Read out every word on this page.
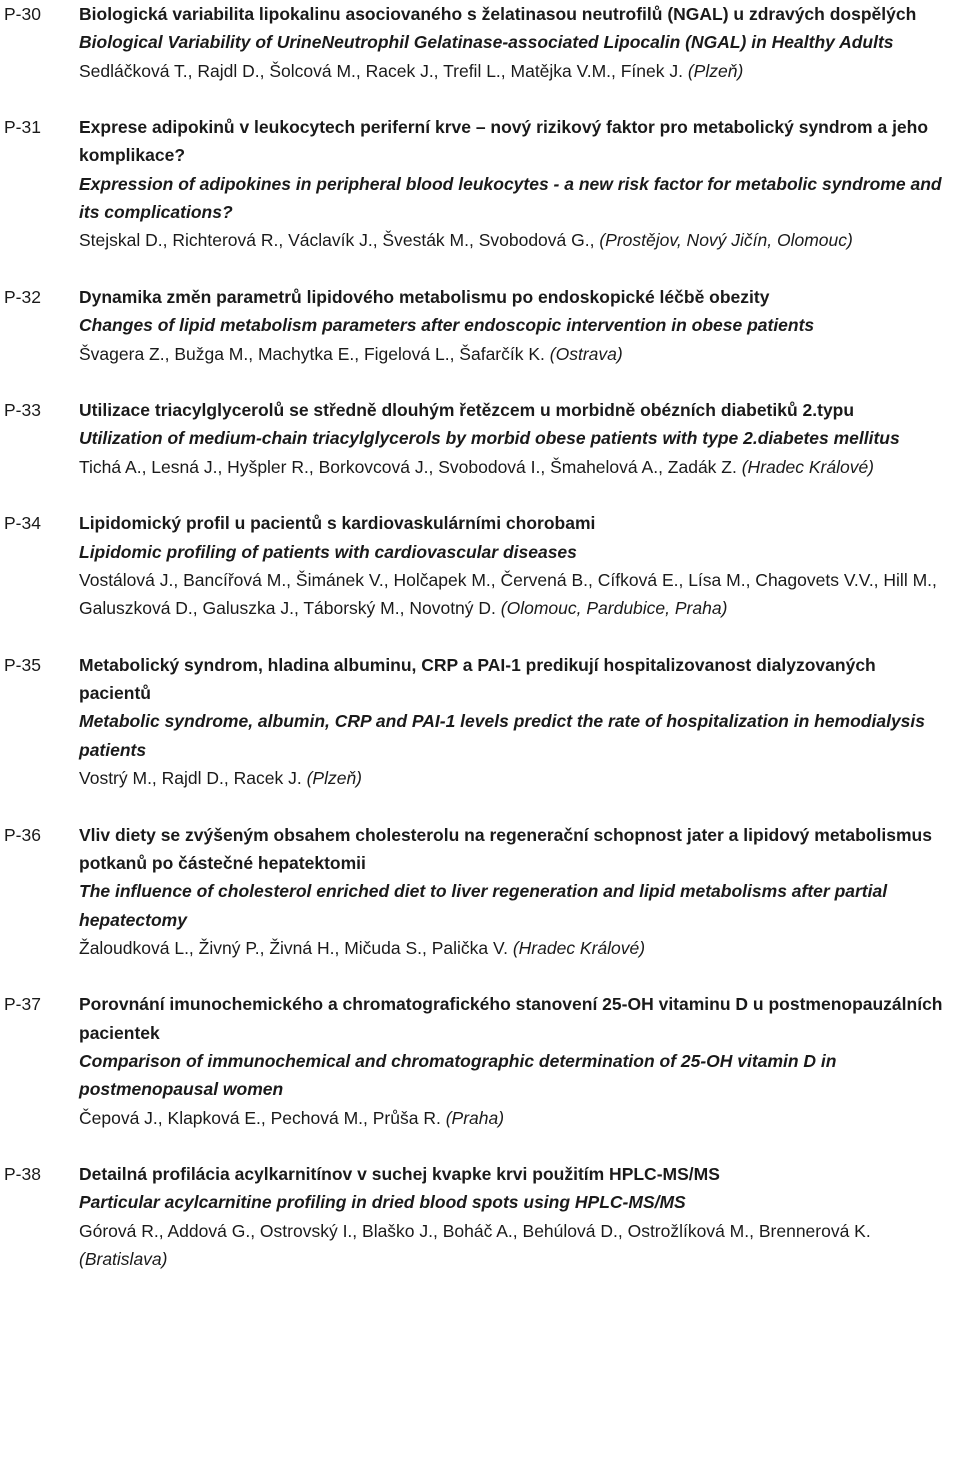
P-30	Biologická variabilita lipokalinu asociovaného s želatinasou neutrofilů (NGAL) u zdravých dospělých
Biological Variability of UrineNeutrophil Gelatinase-associated Lipocalin (NGAL) in Healthy Adults
Sedláčková T., Rajdl D., Šolcová M., Racek J., Trefil L., Matějka V.M., Fínek J. (Plzeň)
P-31	Exprese adipokinů v leukocytech periferní krve – nový rizikový faktor pro metabolický syndrom a jeho komplikace?
Expression of adipokines in peripheral blood leukocytes - a new risk factor for metabolic syndrome and its complications?
Stejskal D., Richterová R., Václavík J., Švesták M., Svobodová G., (Prostějov, Nový Jičín, Olomouc)
P-32	Dynamika změn parametrů lipidového metabolismu po endoskopické léčbě obezity
Changes of lipid metabolism parameters after endoscopic intervention in obese patients
Švagera Z., Bužga M., Machytka E., Figelová L., Šafarčík K. (Ostrava)
P-33	Utilizace triacylglycerolů se středně dlouhým řetězcem u morbidně obézních diabetiků 2.typu
Utilization of medium-chain triacylglycerols by morbid obese patients with type 2.diabetes mellitus
Tichá A., Lesná J., Hyšpler R., Borkovcová J., Svobodová I., Šmahelová A., Zadák Z. (Hradec Králové)
P-34	Lipidomický profil u pacientů s kardiovaskulárními chorobami
Lipidomic profiling of patients with cardiovascular diseases
Vostálová J., Bancířová M., Šimánek V., Holčapek M., Červená B., Cífková E., Lísa M., Chagovets V.V., Hill M., Galuszková D., Galuszka J., Táborský M., Novotný D. (Olomouc, Pardubice, Praha)
P-35	Metabolický syndrom, hladina albuminu, CRP a PAI-1 predikují hospitalizovanost dialyzovaných pacientů
Metabolic syndrome, albumin, CRP and PAI-1 levels predict the rate of hospitalization in hemodialysis patients
Vostrý M., Rajdl D., Racek J. (Plzeň)
P-36	Vliv diety se zvýšeným obsahem cholesterolu na regenerační schopnost jater a lipidový metabolismus potkanů po částečné hepatektomii
The influence of cholesterol enriched diet to liver regeneration and lipid metabolisms after partial hepatectomy
Žaloudková L., Živný P., Živná H., Mičuda S., Palička V. (Hradec Králové)
P-37	Porovnání imunochemického a chromatografického stanovení 25-OH vitaminu D u postmenopauzálních pacientek
Comparison of immunochemical and chromatographic determination of 25-OH vitamin D in postmenopausal women
Čepová J., Klapková E., Pechová M., Průša R. (Praha)
P-38	Detailná profilácia acylkarnitínov v suchej kvapke krvi použitím HPLC-MS/MS
Particular acylcarnitine profiling in dried blood spots using HPLC-MS/MS
Górová R., Addová G., Ostrovský I., Blaško J., Boháč A., Behúlová D., Ostrožlíková M., Brennerová K. (Bratislava)
